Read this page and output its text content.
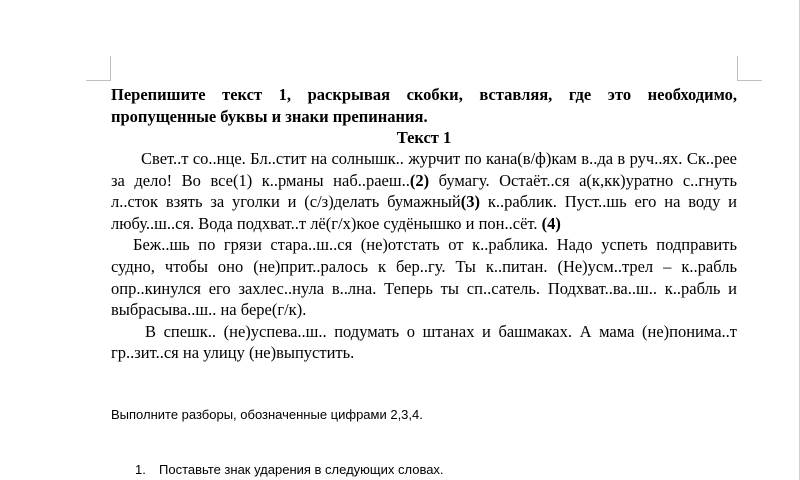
Перепишите текст 1, раскрывая скобки, вставляя, где это необходимо, пропущенные буквы и знаки препинания.

Текст 1

Свет..т со..нце. Бл..стит на солнышк.. журчит по кана(в/ф)кам в..да в руч..ях. Ск..рее за дело! Во все(1) к..рманы наб..раеш..(2) бумагу. Остаёт..ся а(к,кк)уратно с..гнуть л..сток взять за уголки и (с/з)делать бумажный(3) к..раблик. Пуст..шь его на воду и любу..ш..ся. Вода подхват..т лё(г/х)кое судёнышко и пон..сёт. (4)

Беж..шь по грязи стара..ш..ся (не)отстать от к..раблика. Надо успеть подправить судно, чтобы оно (не)прит..ралось к бер..гу. Ты к..питан. (Не)усм..трел – к..рабль опр..кинулся его захлес..нула в..лна. Теперь ты сп..сатель. Подхват..ва..ш.. к..рабль и выбрасыва..ш.. на бере(г/к).

В спешк.. (не)успева..ш.. подумать о штанах и башмаках. А мама (не)понима..т гр..зит..ся на улицу (не)выпустить.

Выполните разборы, обозначенные цифрами 2,3,4.

1. Поставьте знак ударения в следующих словах.
